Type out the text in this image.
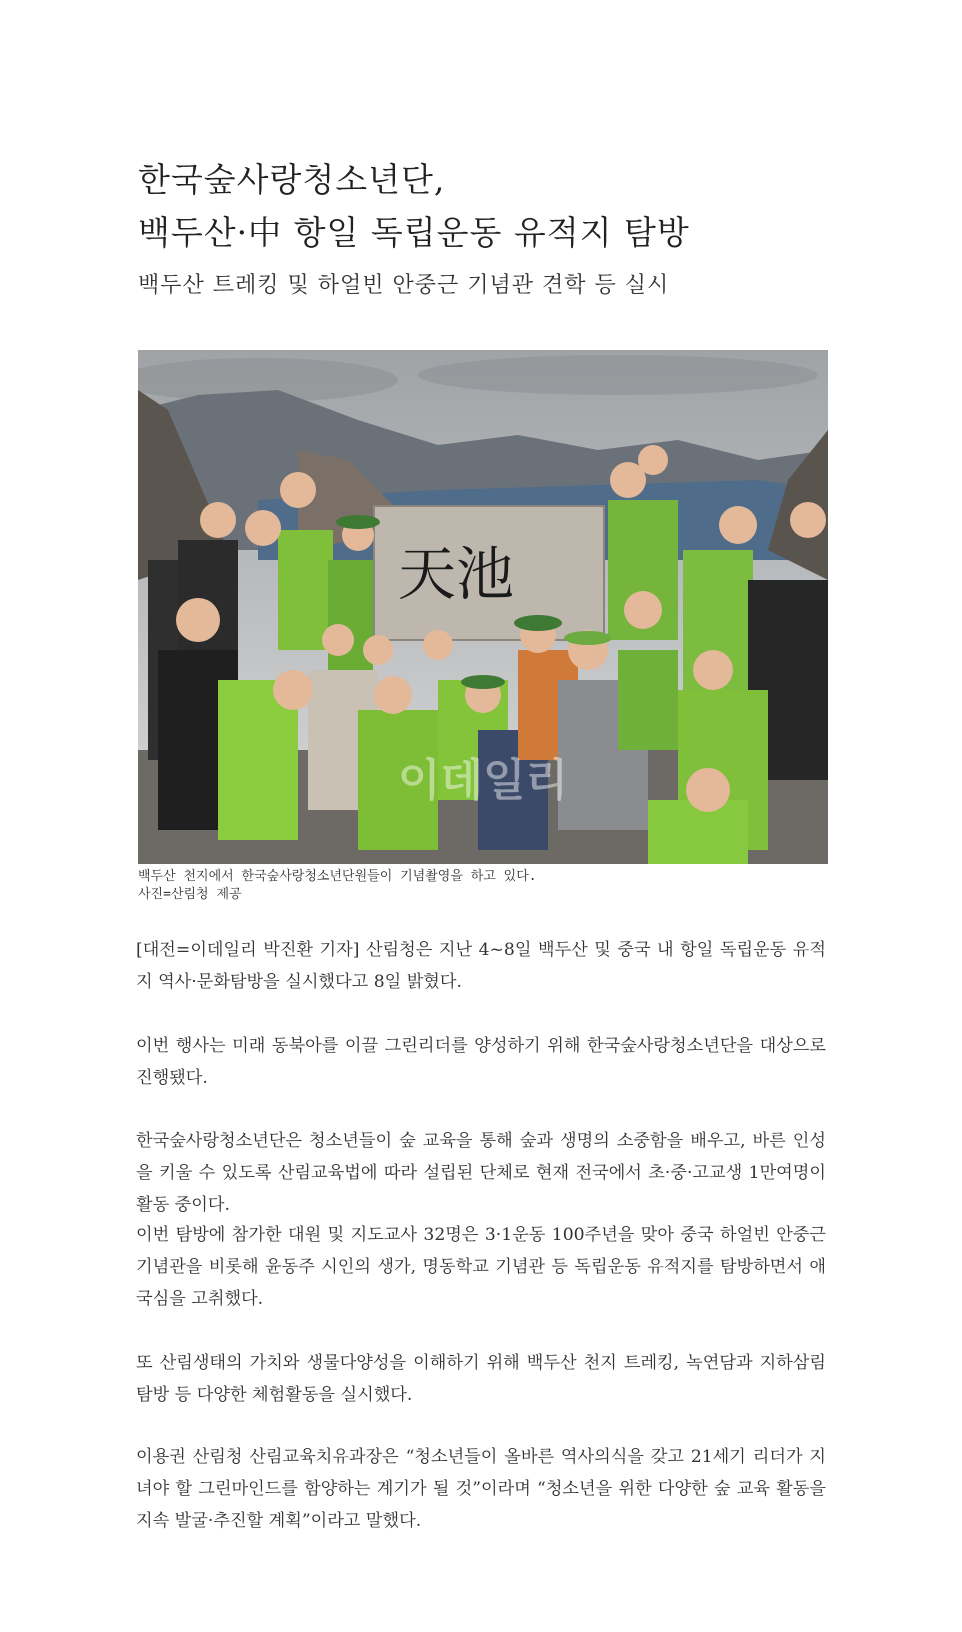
한국숲사랑청소년단,
백두산·中 항일 독립운동 유적지 탐방
백두산 트레킹 및 하얼빈 안중근 기념관 견학 등 실시
天池
이데일리
백두산 천지에서 한국숲사랑청소년단원들이 기념촬영을 하고 있다.
사진=산림청 제공

[대전=이데일리 박진환 기자] 산림청은 지난 4~8일 백두산 및 중국 내 항일 독립운동 유적지 역사·문화탐방을 실시했다고 8일 밝혔다.

이번 행사는 미래 동북아를 이끌 그린리더를 양성하기 위해 한국숲사랑청소년단을 대상으로 진행됐다.

한국숲사랑청소년단은 청소년들이 숲 교육을 통해 숲과 생명의 소중함을 배우고, 바른 인성을 키울 수 있도록 산림교육법에 따라 설립된 단체로 현재 전국에서 초·중·고교생 1만여명이 활동 중이다.

이번 탐방에 참가한 대원 및 지도교사 32명은 3·1운동 100주년을 맞아 중국 하얼빈 안중근 기념관을 비롯해 윤동주 시인의 생가, 명동학교 기념관 등 독립운동 유적지를 탐방하면서 애국심을 고취했다.

또 산림생태의 가치와 생물다양성을 이해하기 위해 백두산 천지 트레킹, 녹연담과 지하삼림 탐방 등 다양한 체험활동을 실시했다.

이용권 산림청 산림교육치유과장은 “청소년들이 올바른 역사의식을 갖고 21세기 리더가 지녀야 할 그린마인드를 함양하는 계기가 될 것”이라며 “청소년을 위한 다양한 숲 교육 활동을 지속 발굴·추진할 계획”이라고 말했다.
